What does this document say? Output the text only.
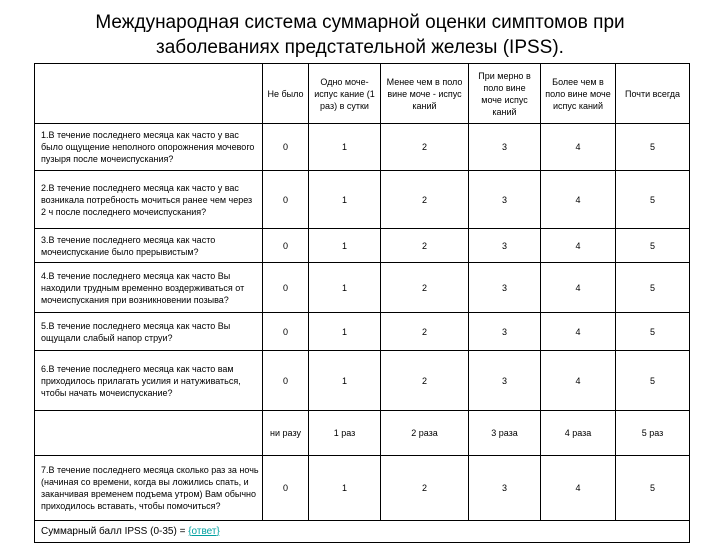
Международная система суммарной оценки симптомов при заболеваниях предстательной железы (IPSS).
	Не было	Одно моче-испус кание (1 раз) в сутки	Менее чем в поло вине моче - испус каний	При мерно в поло вине моче испус каний	Более чем в поло вине моче испус каний	Почти всегда
1.В течение последнего месяца как часто у вас было ощущение неполного опорожнения мочевого пузыря после мочеиспускания?	0	1	2	3	4	5
2.В течение последнего месяца как часто у вас возникала потребность мочиться ранее чем через 2 ч после последнего мочеиспускания?	0	1	2	3	4	5
3.В течение последнего месяца как часто мочеиспускание было прерывистым?	0	1	2	3	4	5
4.В течение последнего месяца как часто Вы находили трудным временно воздерживаться от мочеиспускания при возникновении позыва?	0	1	2	3	4	5
5.В течение последнего месяца как часто Вы ощущали слабый напор струи?	0	1	2	3	4	5
6.В течение последнего месяца как часто вам приходилось прилагать усилия и натуживаться, чтобы начать мочеиспускание?	0	1	2	3	4	5
	ни разу	1 раз	2 раза	3 раза	4 раза	5 раз
7.В течение последнего месяца сколько раз за ночь (начиная со времени, когда вы ложились спать, и заканчивая временем подъема утром) Вам обычно приходилось вставать, чтобы помочиться?	0	1	2	3	4	5
Суммарный балл IPSS (0-35) = {ответ}						
